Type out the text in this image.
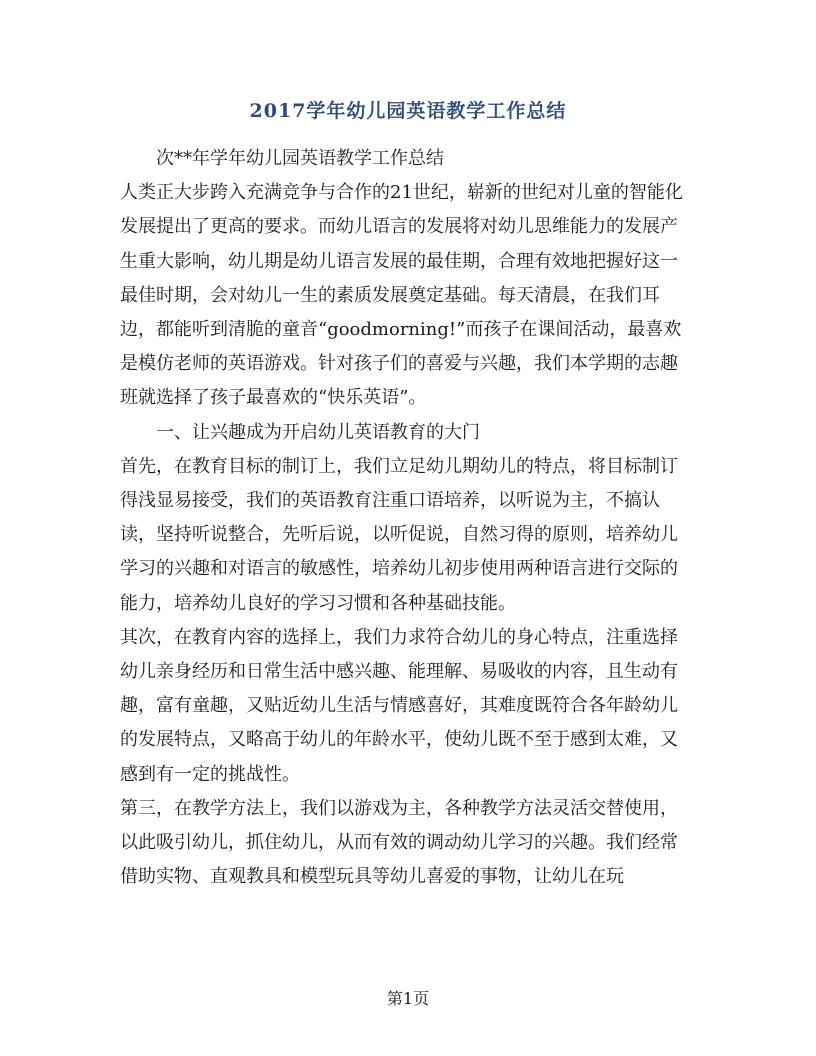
2017学年幼儿园英语教学工作总结

次**年学年幼儿园英语教学工作总结

人类正大步跨入充满竞争与合作的21世纪，崭新的世纪对儿童的智能化发展提出了更高的要求。而幼儿语言的发展将对幼儿思维能力的发展产生重大影响，幼儿期是幼儿语言发展的最佳期，合理有效地把握好这一最佳时期，会对幼儿一生的素质发展奠定基础。每天清晨，在我们耳边，都能听到清脆的童音“goodmorning!”而孩子在课间活动，最喜欢是模仿老师的英语游戏。针对孩子们的喜爱与兴趣，我们本学期的志趣班就选择了孩子最喜欢的“快乐英语”。

一、让兴趣成为开启幼儿英语教育的大门

首先，在教育目标的制订上，我们立足幼儿期幼儿的特点，将目标制订得浅显易接受，我们的英语教育注重口语培养，以听说为主，不搞认读，坚持听说整合，先听后说，以听促说，自然习得的原则，培养幼儿学习的兴趣和对语言的敏感性，培养幼儿初步使用两种语言进行交际的能力，培养幼儿良好的学习习惯和各种基础技能。

其次，在教育内容的选择上，我们力求符合幼儿的身心特点，注重选择幼儿亲身经历和日常生活中感兴趣、能理解、易吸收的内容，且生动有趣，富有童趣，又贴近幼儿生活与情感喜好，其难度既符合各年龄幼儿的发展特点，又略高于幼儿的年龄水平，使幼儿既不至于感到太难，又感到有一定的挑战性。

第三，在教学方法上，我们以游戏为主，各种教学方法灵活交替使用，以此吸引幼儿，抓住幼儿，从而有效的调动幼儿学习的兴趣。我们经常借助实物、直观教具和模型玩具等幼儿喜爱的事物，让幼儿在玩

第1页
